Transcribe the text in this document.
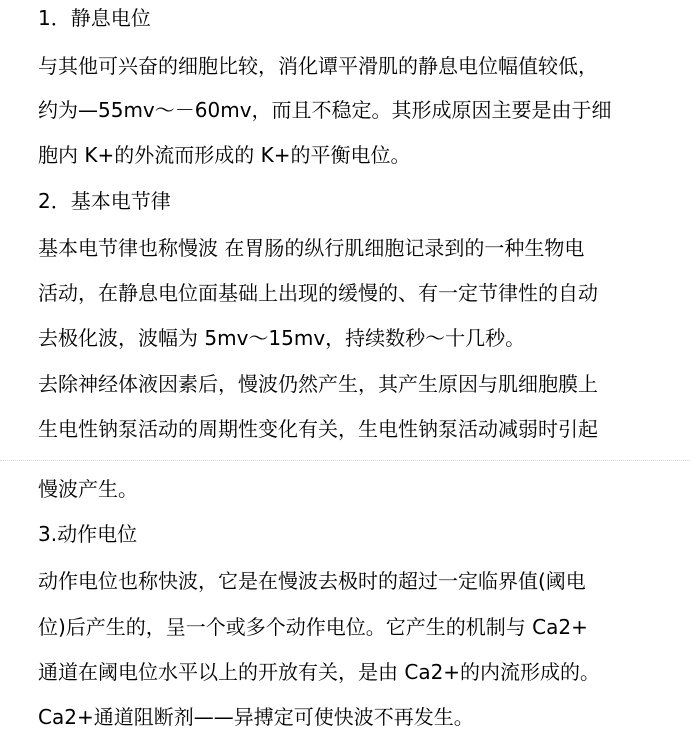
1．静息电位
与其他可兴奋的细胞比较，消化谭平滑肌的静息电位幅值较低，
约为—55mv～－60mv，而且不稳定。其形成原因主要是由于细
胞内 K+的外流而形成的 K+的平衡电位。
2．基本电节律
基本电节律也称慢波 在胃肠的纵行肌细胞记录到的一种生物电
活动，在静息电位面基础上出现的缓慢的、有一定节律性的自动
去极化波，波幅为 5mv～15mv，持续数秒～十几秒。
去除神经体液因素后，慢波仍然产生，其产生原因与肌细胞膜上
生电性钠泵活动的周期性变化有关，生电性钠泵活动减弱时引起
慢波产生。
3.动作电位
动作电位也称快波，它是在慢波去极时的超过一定临界值(阈电
位)后产生的，呈一个或多个动作电位。它产生的机制与 Ca2+
通道在阈电位水平以上的开放有关，是由 Ca2+的内流形成的。
Ca2+通道阻断剂——异搏定可使快波不再发生。
